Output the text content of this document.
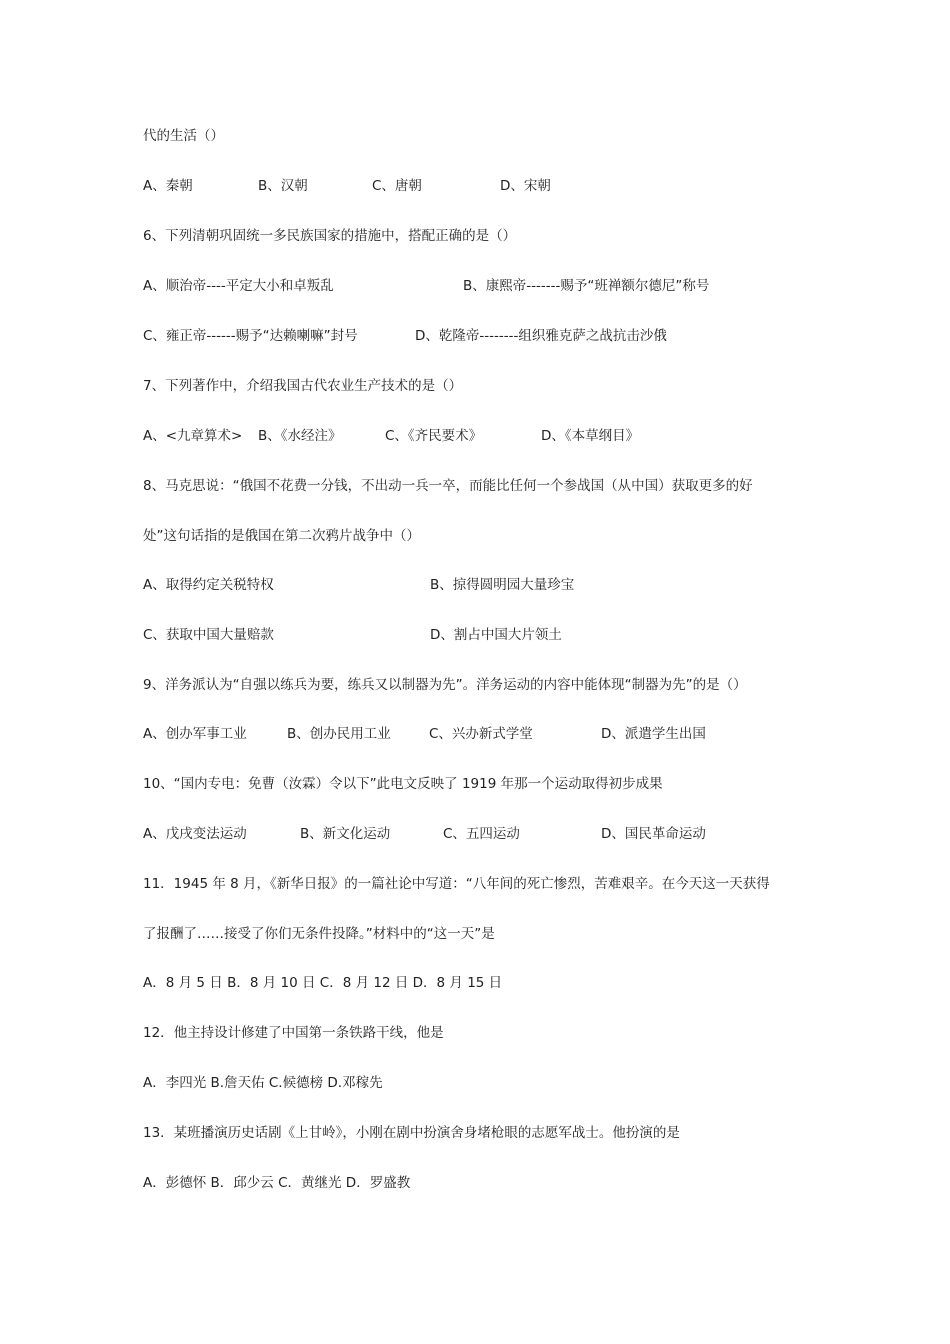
代的生活（）
A、秦朝	B、汉朝	C、唐朝	D、宋朝
6、下列清朝巩固统一多民族国家的措施中，搭配正确的是（）
A、顺治帝----平定大小和卓叛乱	B、康熙帝-------赐予“班禅额尔德尼”称号
C、雍正帝------赐予“达赖喇嘛”封号	D、乾隆帝--------组织雅克萨之战抗击沙俄
7、下列著作中，介绍我国古代农业生产技术的是（）
A、<九章算术> B、《水经注》	C、《齐民要术》	D、《本草纲目》
8、马克思说：“俄国不花费一分钱，不出动一兵一卒，而能比任何一个参战国（从中国）获取更多的好
处”这句话指的是俄国在第二次鸦片战争中（）
A、取得约定关税特权	B、掠得圆明园大量珍宝
C、获取中国大量赔款	D、割占中国大片领土
9、洋务派认为“自强以练兵为要，练兵又以制器为先”。洋务运动的内容中能体现“制器为先”的是（）
A、创办军事工业	B、创办民用工业	C、兴办新式学堂	D、派遣学生出国
10、“国内专电：免曹（汝霖）令以下”此电文反映了 1919 年那一个运动取得初步成果
A、戊戌变法运动	B、新文化运动	C、五四运动	D、国民革命运动
11．1945 年 8 月，《新华日报》的一篇社论中写道：“八年间的死亡惨烈，苦难艰辛。在今天这一天获得
了报酬了……接受了你们无条件投降。”材料中的“这一天”是
A．8 月 5 日 B．8 月 10 日 C．8 月 12 日 D．8 月 15 日
12．他主持设计修建了中国第一条铁路干线，他是
A．李四光 B.詹天佑 C.候德榜 D.邓稼先
13．某班播演历史话剧《上甘岭》，小刚在剧中扮演舍身堵枪眼的志愿军战士。他扮演的是
A．彭德怀 B．邱少云 C．黄继光 D．罗盛教
